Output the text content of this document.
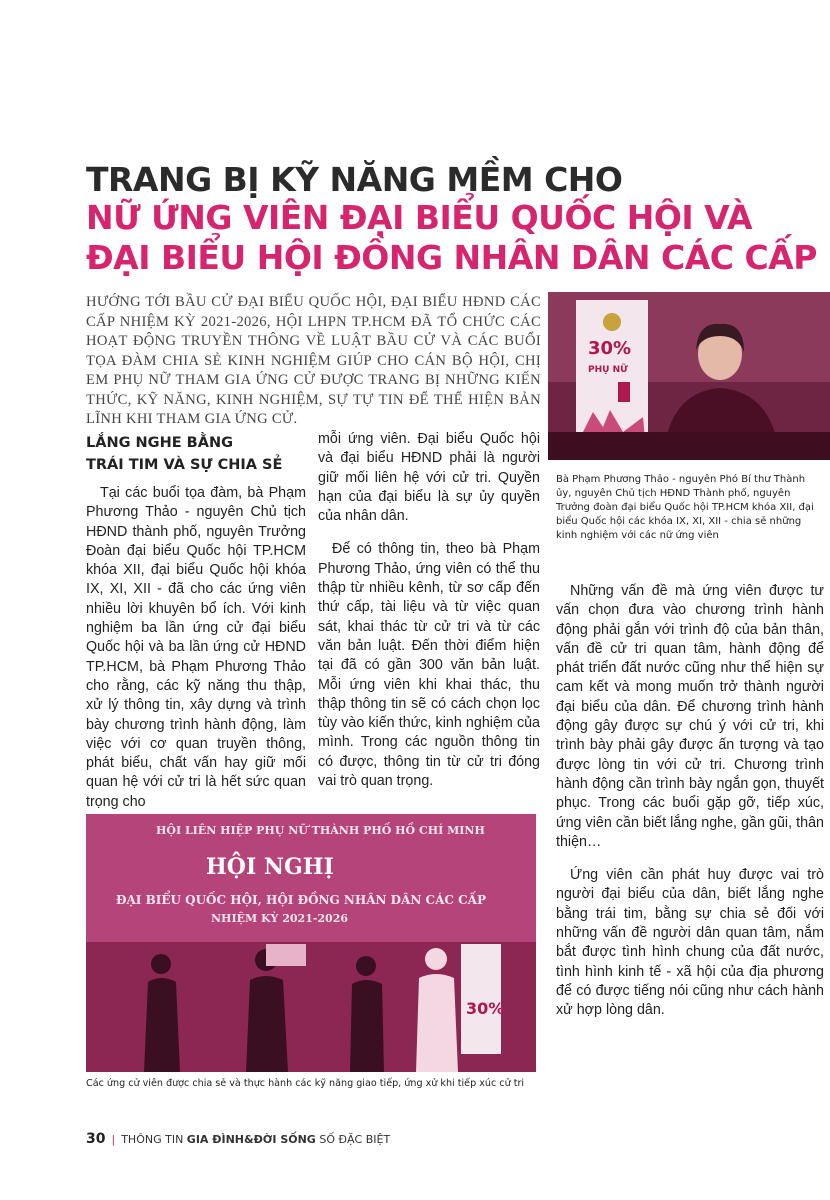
TRANG BỊ KỸ NĂNG MỀM CHO
NỮ ỨNG VIÊN ĐẠI BIỂU QUỐC HỘI VÀ
ĐẠI BIỂU HỘI ĐỒNG NHÂN DÂN CÁC CẤP
HƯỚNG TỚI BẦU CỬ ĐẠI BIỂU QUỐC HỘI, ĐẠI BIỂU HĐND CÁC CẤP NHIỆM KỲ 2021-2026, HỘI LHPN TP.HCM ĐÃ TỔ CHỨC CÁC HOẠT ĐỘNG TRUYỀN THÔNG VỀ LUẬT BẦU CỬ VÀ CÁC BUỔI TỌA ĐÀM CHIA SẺ KINH NGHIỆM GIÚP CHO CÁN BỘ HỘI, CHỊ EM PHỤ NỮ THAM GIA ỨNG CỬ ĐƯỢC TRANG BỊ NHỮNG KIẾN THỨC, KỸ NĂNG, KINH NGHIỆM, SỰ TỰ TIN ĐỂ THỂ HIỆN BẢN LĨNH KHI THAM GIA ỨNG CỬ.
30%
PHỤ NỮ
Bà Phạm Phương Thảo - nguyên Phó Bí thư Thành ủy, nguyên Chủ tịch HĐND Thành phố, nguyên Trưởng đoàn đại biểu Quốc hội TP.HCM khóa XII, đại biểu Quốc hội các khóa IX, XI, XII - chia sẻ những kinh nghiệm với các nữ ứng viên
LẮNG NGHE BẰNG
TRÁI TIM VÀ SỰ CHIA SẺ

Tại các buổi tọa đàm, bà Phạm Phương Thảo - nguyên Chủ tịch HĐND thành phố, nguyên Trưởng Đoàn đại biểu Quốc hội TP.HCM khóa XII, đại biểu Quốc hội khóa IX, XI, XII - đã cho các ứng viên nhiều lời khuyên bổ ích. Với kinh nghiệm ba lần ứng cử đại biểu Quốc hội và ba lần ứng cử HĐND TP.HCM, bà Phạm Phương Thảo cho rằng, các kỹ năng thu thập, xử lý thông tin, xây dựng và trình bày chương trình hành động, làm việc với cơ quan truyền thông, phát biểu, chất vấn hay giữ mối quan hệ với cử tri là hết sức quan trọng cho

mỗi ứng viên. Đại biểu Quốc hội và đại biểu HĐND phải là người giữ mối liên hệ với cử tri. Quyền hạn của đại biểu là sự ủy quyền của nhân dân.

Để có thông tin, theo bà Phạm Phương Thảo, ứng viên có thể thu thập từ nhiều kênh, từ sơ cấp đến thứ cấp, tài liệu và từ việc quan sát, khai thác từ cử tri và từ các văn bản luật. Đến thời điểm hiện tại đã có gần 300 văn bản luật. Mỗi ứng viên khi khai thác, thu thập thông tin sẽ có cách chọn lọc tùy vào kiến thức, kinh nghiệm của mình. Trong các nguồn thông tin có được, thông tin từ cử tri đóng vai trò quan trọng.

Những vấn đề mà ứng viên được tư vấn chọn đưa vào chương trình hành động phải gắn với trình độ của bản thân, vấn đề cử tri quan tâm, hành động để phát triển đất nước cũng như thể hiện sự cam kết và mong muốn trở thành người đại biểu của dân. Để chương trình hành động gây được sự chú ý với cử tri, khi trình bày phải gây được ấn tượng và tạo được lòng tin với cử tri. Chương trình hành động cần trình bày ngắn gọn, thuyết phục. Trong các buổi gặp gỡ, tiếp xúc, ứng viên cần biết lắng nghe, gần gũi, thân thiện…

Ứng viên cần phát huy được vai trò người đại biểu của dân, biết lắng nghe bằng trái tim, bằng sự chia sẻ đối với những vấn đề người dân quan tâm, nắm bắt được tình hình chung của đất nước, tình hình kinh tế - xã hội của địa phương để có được tiếng nói cũng như cách hành xử hợp lòng dân.

HỘI LIÊN HIỆP PHỤ NỮ THÀNH PHỐ HỒ CHÍ MINH
HỘI NGHỊ
ĐẠI BIỂU QUỐC HỘI, HỘI ĐỒNG NHÂN DÂN CÁC CẤP
NHIỆM KỲ 2021-2026
30%
Các ứng cử viên được chia sẻ và thực hành các kỹ năng giao tiếp, ứng xử khi tiếp xúc cử tri
30 | THÔNG TIN GIA ĐÌNH&ĐỜI SỐNG SỐ ĐẶC BIỆT
